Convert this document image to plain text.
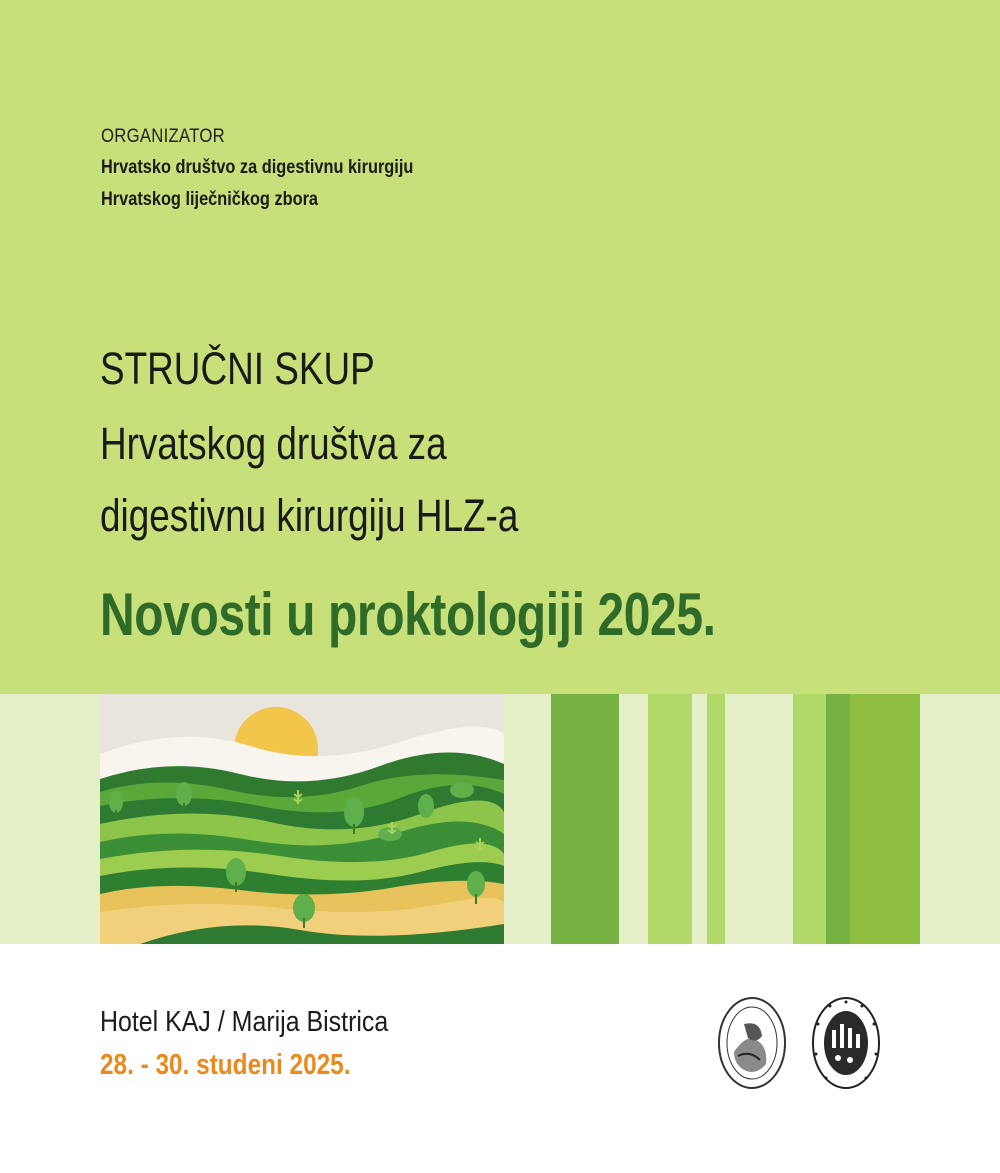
ORGANIZATOR
Hrvatsko društvo za digestivnu kirurgiju
Hrvatskog liječničkog zbora
STRUČNI SKUP
Hrvatskog društva za
digestivnu kirurgiju HLZ-a
Novosti u proktologiji 2025.
Hotel KAJ / Marija Bistrica
28. - 30. studeni 2025.
